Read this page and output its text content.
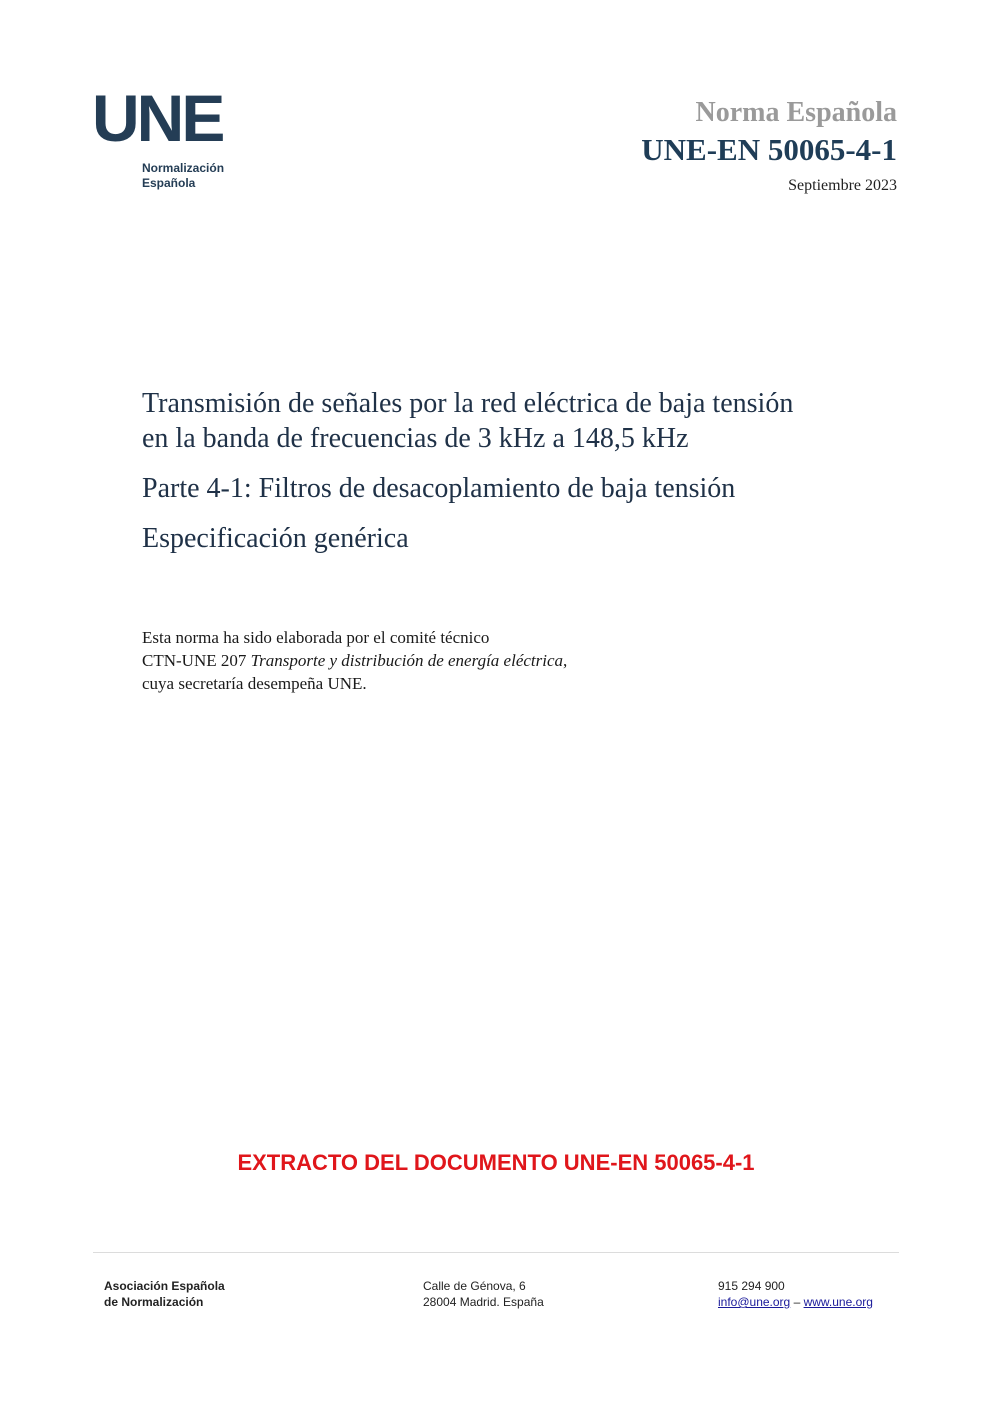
UNE
Normalización
Española
Norma Española
UNE-EN 50065-4-1
Septiembre 2023
Transmisión de señales por la red eléctrica de baja tensión
en la banda de frecuencias de 3 kHz a 148,5 kHz
Parte 4-1: Filtros de desacoplamiento de baja tensión
Especificación genérica
Esta norma ha sido elaborada por el comité técnico
CTN-UNE 207 Transporte y distribución de energía eléctrica,
cuya secretaría desempeña UNE.
EXTRACTO DEL DOCUMENTO UNE-EN 50065-4-1
Asociación Española
de Normalización
Calle de Génova, 6
28004 Madrid. España
915 294 900
info@une.org – www.une.org
